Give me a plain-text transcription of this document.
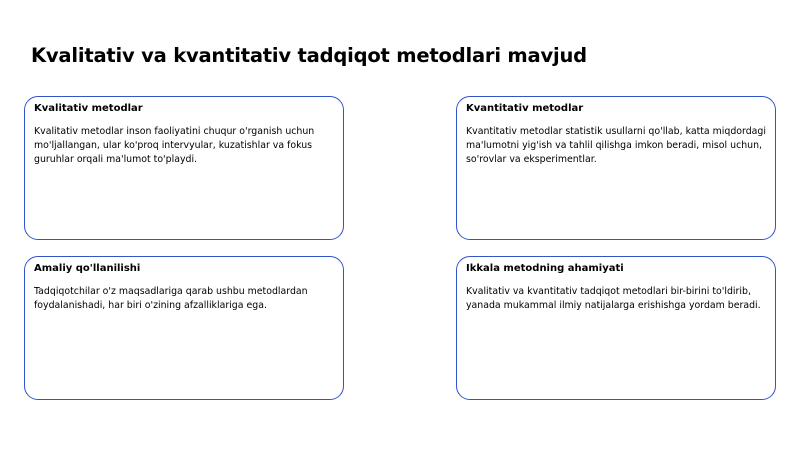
Kvalitativ va kvantitativ tadqiqot metodlari mavjud
Kvalitativ metodlar

Kvalitativ metodlar inson faoliyatini chuqur o'rganish uchun mo'ljallangan, ular ko'proq intervyular, kuzatishlar va fokus guruhlar orqali ma'lumot to'playdi.

Kvantitativ metodlar

Kvantitativ metodlar statistik usullarni qo'llab, katta miqdordagi ma'lumotni yig'ish va tahlil qilishga imkon beradi, misol uchun, so'rovlar va eksperimentlar.

Amaliy qo'llanilishi

Tadqiqotchilar o'z maqsadlariga qarab ushbu metodlardan foydalanishadi, har biri o'zining afzalliklariga ega.

Ikkala metodning ahamiyati

Kvalitativ va kvantitativ tadqiqot metodlari bir-birini to'ldirib, yanada mukammal ilmiy natijalarga erishishga yordam beradi.
